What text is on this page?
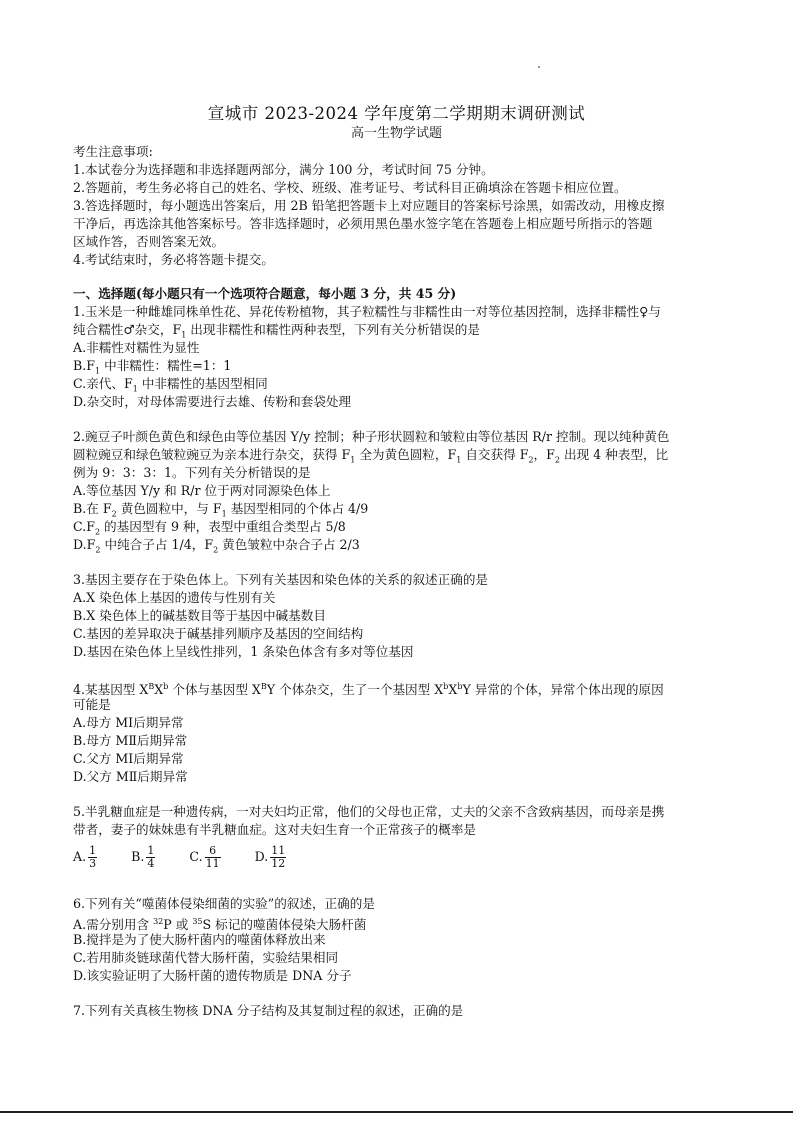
宣城市 2023-2024 学年度第二学期期末调研测试
高一生物学试题
考生注意事项:
1.本试卷分为选择题和非选择题两部分，满分 100 分，考试时间 75 分钟。
2.答题前，考生务必将自己的姓名、学校、班级、准考证号、考试科目正确填涂在答题卡相应位置。
3.答选择题时，每小题选出答案后，用 2B 铅笔把答题卡上对应题目的答案标号涂黑，如需改动，用橡皮擦
干净后，再选涂其他答案标号。答非选择题时，必须用黑色墨水签字笔在答题卷上相应题号所指示的答题
区域作答，否则答案无效。
4.考试结束时，务必将答题卡提交。
一、选择题(每小题只有一个选项符合题意，每小题 3 分，共 45 分)
1.玉米是一种雌雄同株单性花、异花传粉植物，其子粒糯性与非糯性由一对等位基因控制，选择非糯性♀与
纯合糯性♂杂交，$F_1$ 出现非糯性和糯性两种表型，下列有关分析错误的是
A.非糯性对糯性为显性
$B.F_1$ 中非糯性：糯性=1：1
C.亲代、$F_1$ 中非糯性的基因型相同
D.杂交时，对母体需要进行去雄、传粉和套袋处理
2.豌豆子叶颜色黄色和绿色由等位基因 Y/y 控制；种子形状圆粒和皱粒由等位基因 R/r 控制。现以纯种黄色
圆粒豌豆和绿色皱粒豌豆为亲本进行杂交，获得 $F_1$ 全为黄色圆粒，$F_1$ 自交获得 $F_2$，$F_2$ 出现 4 种表型，比
例为 9：3：3：1。下列有关分析错误的是
A.等位基因 Y/y 和 R/r 位于两对同源染色体上
B.在 $F_2$ 黄色圆粒中，与 $F_1$ 基因型相同的个体占 4/9
$C.F_2$ 的基因型有 9 种，表型中重组合类型占 5/8
$D.F_2$ 中纯合子占 1/4，$F_2$ 黄色皱粒中杂合子占 2/3
3.基因主要存在于染色体上。下列有关基因和染色体的关系的叙述正确的是
A.X 染色体上基因的遗传与性别有关
B.X 染色体上的碱基数目等于基因中碱基数目
C.基因的差异取决于碱基排列顺序及基因的空间结构
D.基因在染色体上呈线性排列，1 条染色体含有多对等位基因
4.某基因型 $X^BX^b$ 个体与基因型 $X^BY$ 个体杂交，生了一个基因型 $X^bX^bY$ 异常的个体，异常个体出现的原因
可能是
A.母方 MⅠ后期异常
B.母方 MⅡ后期异常
C.父方 MⅠ后期异常
D.父方 MⅡ后期异常
5.半乳糖血症是一种遗传病，一对夫妇均正常，他们的父母也正常，丈夫的父亲不含致病基因，而母亲是携
带者，妻子的妹妹患有半乳糖血症。这对夫妇生育一个正常孩子的概率是
A. $\frac{1}{3}$	B. $\frac{1}{4}$	C. $\frac{6}{11}$	D. $\frac{11}{12}$
6.下列有关“噬菌体侵染细菌的实验”的叙述，正确的是
A.需分别用含 $^{32}$P 或 $^{35}$S 标记的噬菌体侵染大肠杆菌
B.搅拌是为了使大肠杆菌内的噬菌体释放出来
C.若用肺炎链球菌代替大肠杆菌，实验结果相同
D.该实验证明了大肠杆菌的遗传物质是 DNA 分子
7.下列有关真核生物核 DNA 分子结构及其复制过程的叙述，正确的是
